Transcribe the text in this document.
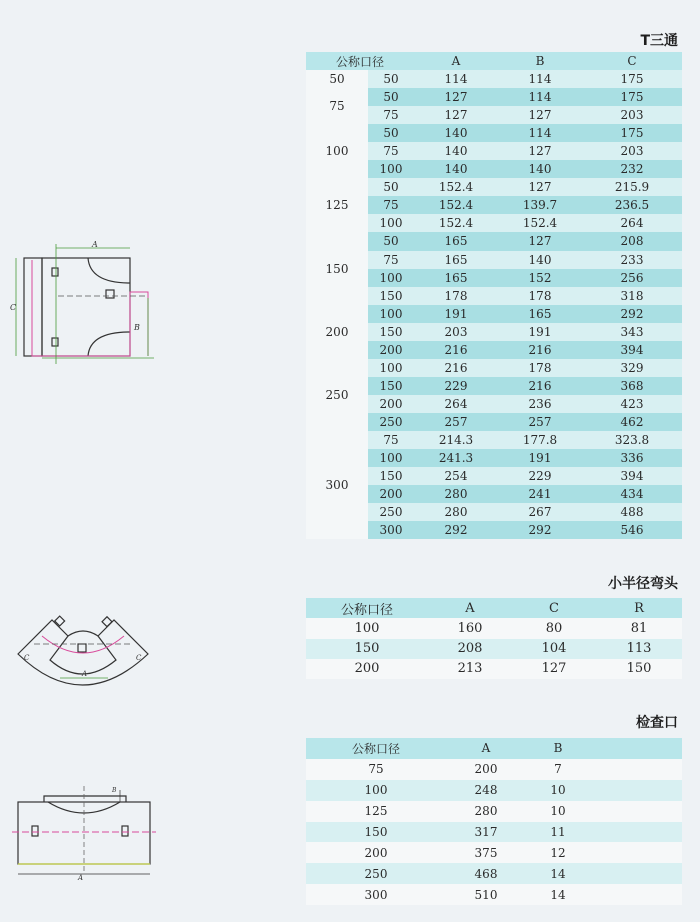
T三通
公称口径		A	B	C
50	50	114	114	175
75	50	127	114	175
	75	127	127	203
100	50	140	114	175
	75	140	127	203
	100	140	140	232
125	50	152.4	127	215.9
	75	152.4	139.7	236.5
	100	152.4	152.4	264
150	50	165	127	208
	75	165	140	233
	100	165	152	256
	150	178	178	318
200	100	191	165	292
	150	203	191	343
	200	216	216	394
250	100	216	178	329
	150	229	216	368
	200	264	236	423
	250	257	257	462
300	75	214.3	177.8	323.8
	100	241.3	191	336
	150	254	229	394
	200	280	241	434
	250	280	267	488
	300	292	292	546
A
B
C
小半径弯头
公称口径	A	C	R
100	160	80	81
150	208	104	113
200	213	127	150
A
C	C
检查口
公称口径	A	B	
75	200	7	
100	248	10	
125	280	10	
150	317	11	
200	375	12	
250	468	14	
300	510	14	
A
B
